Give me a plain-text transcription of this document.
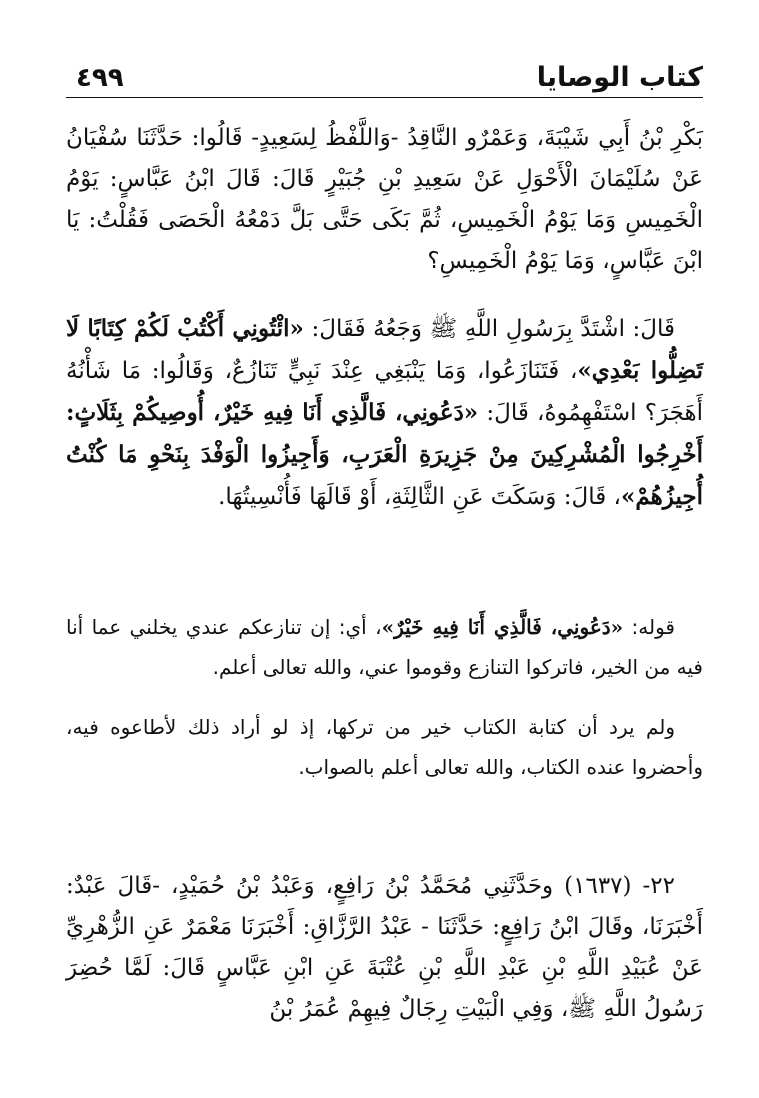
٤٩٩	كتاب الوصايا

بَكْرِ بْنُ أَبِي شَيْبَةَ، وَعَمْرٌو النَّاقِدُ -وَاللَّفْظُ لِسَعِيدٍ- قَالُوا: حَدَّثَنَا سُفْيَانُ عَنْ سُلَيْمَانَ الْأَحْوَلِ عَنْ سَعِيدِ بْنِ جُبَيْرٍ قَالَ: قَالَ ابْنُ عَبَّاسٍ: يَوْمُ الْخَمِيسِ وَمَا يَوْمُ الْخَمِيسِ، ثُمَّ بَكَى حَتَّى بَلَّ دَمْعُهُ الْحَصَى فَقُلْتُ: يَا ابْنَ عَبَّاسٍ، وَمَا يَوْمُ الْخَمِيسِ؟

قَالَ: اشْتَدَّ بِرَسُولِ اللَّهِ ﷺ وَجَعُهُ فَقَالَ: «ائْتُونِي أَكْتُبْ لَكُمْ كِتَابًا لَا تَضِلُّوا بَعْدِي»، فَتَنَازَعُوا، وَمَا يَنْبَغِي عِنْدَ نَبِيٍّ تَنَازُعٌ، وَقَالُوا: مَا شَأْنُهُ أَهَجَرَ؟ اسْتَفْهِمُوهُ، قَالَ: «دَعُونِي، فَالَّذِي أَنَا فِيهِ خَيْرٌ، أُوصِيكُمْ بِثَلَاثٍ: أَخْرِجُوا الْمُشْرِكِينَ مِنْ جَزِيرَةِ الْعَرَبِ، وَأَجِيزُوا الْوَفْدَ بِنَحْوِ مَا كُنْتُ أُجِيزُهُمْ»، قَالَ: وَسَكَتَ عَنِ الثَّالِثَةِ، أَوْ قَالَهَا فَأُنْسِيتُهَا.

قوله: «دَعُونِي، فَالَّذِي أَنَا فِيهِ خَيْرٌ»، أي: إن تنازعكم عندي يخلني عما أنا فيه من الخير، فاتركوا التنازع وقوموا عني، والله تعالى أعلم.

ولم يرد أن كتابة الكتاب خير من تركها، إذ لو أراد ذلك لأطاعوه فيه، وأحضروا عنده الكتاب، والله تعالى أعلم بالصواب.

٢٢- (١٦٣٧) وحَدَّثَنِي مُحَمَّدُ بْنُ رَافِعٍ، وَعَبْدُ بْنُ حُمَيْدٍ، -قَالَ عَبْدٌ: أَخْبَرَنَا، وقَالَ ابْنُ رَافِعٍ: حَدَّثَنَا - عَبْدُ الرَّزَّاقِ: أَخْبَرَنَا مَعْمَرٌ عَنِ الزُّهْرِيِّ عَنْ عُبَيْدِ اللَّهِ بْنِ عَبْدِ اللَّهِ بْنِ عُتْبَةَ عَنِ ابْنِ عَبَّاسٍ قَالَ: لَمَّا حُضِرَ رَسُولُ اللَّهِ ﷺ، وَفِي الْبَيْتِ رِجَالٌ فِيهِمْ عُمَرُ بْنُ
